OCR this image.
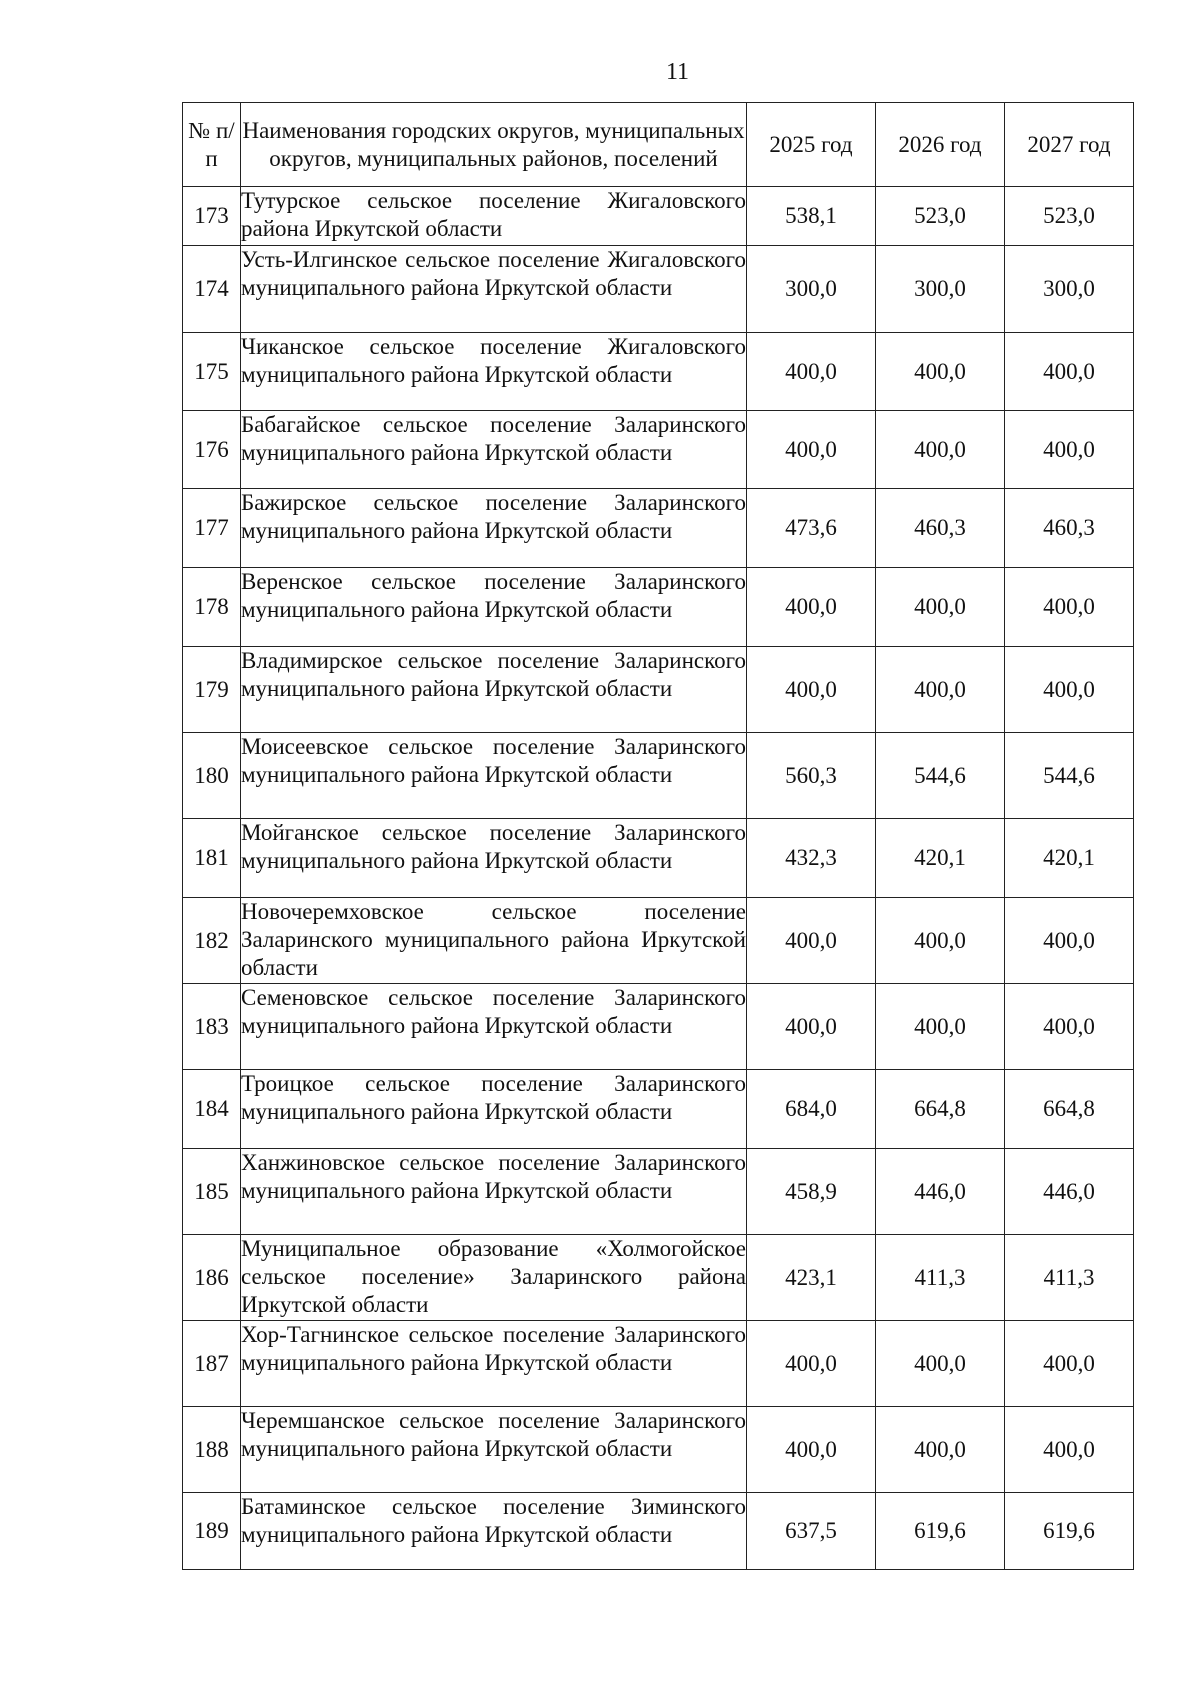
11
№ п/п	Наименования городских округов, муниципальных округов, муниципальных районов, поселений	2025 год	2026 год	2027 год
173	Тутурское сельское поселение Жигаловского района Иркутской области	538,1	523,0	523,0
174	Усть-Илгинское сельское поселение Жигаловского муниципального района Иркутской области	300,0	300,0	300,0
175	Чиканское сельское поселение Жигаловского муниципального района Иркутской области	400,0	400,0	400,0
176	Бабагайское сельское поселение Заларинского муниципального района Иркутской области	400,0	400,0	400,0
177	Бажирское сельское поселение Заларинского муниципального района Иркутской области	473,6	460,3	460,3
178	Веренское сельское поселение Заларинского муниципального района Иркутской области	400,0	400,0	400,0
179	Владимирское сельское поселение Заларинского муниципального района Иркутской области	400,0	400,0	400,0
180	Моисеевское сельское поселение Заларинского муниципального района Иркутской области	560,3	544,6	544,6
181	Мойганское сельское поселение Заларинского муниципального района Иркутской области	432,3	420,1	420,1
182	Новочеремховское сельское поселение Заларинского муниципального района Иркутской области	400,0	400,0	400,0
183	Семеновское сельское поселение Заларинского муниципального района Иркутской области	400,0	400,0	400,0
184	Троицкое сельское поселение Заларинского муниципального района Иркутской области	684,0	664,8	664,8
185	Ханжиновское сельское поселение Заларинского муниципального района Иркутской области	458,9	446,0	446,0
186	Муниципальное образование «Холмогойское сельское поселение» Заларинского района Иркутской области	423,1	411,3	411,3
187	Хор-Тагнинское сельское поселение Заларинского муниципального района Иркутской области	400,0	400,0	400,0
188	Черемшанское сельское поселение Заларинского муниципального района Иркутской области	400,0	400,0	400,0
189	Батаминское сельское поселение Зиминского муниципального района Иркутской области	637,5	619,6	619,6
